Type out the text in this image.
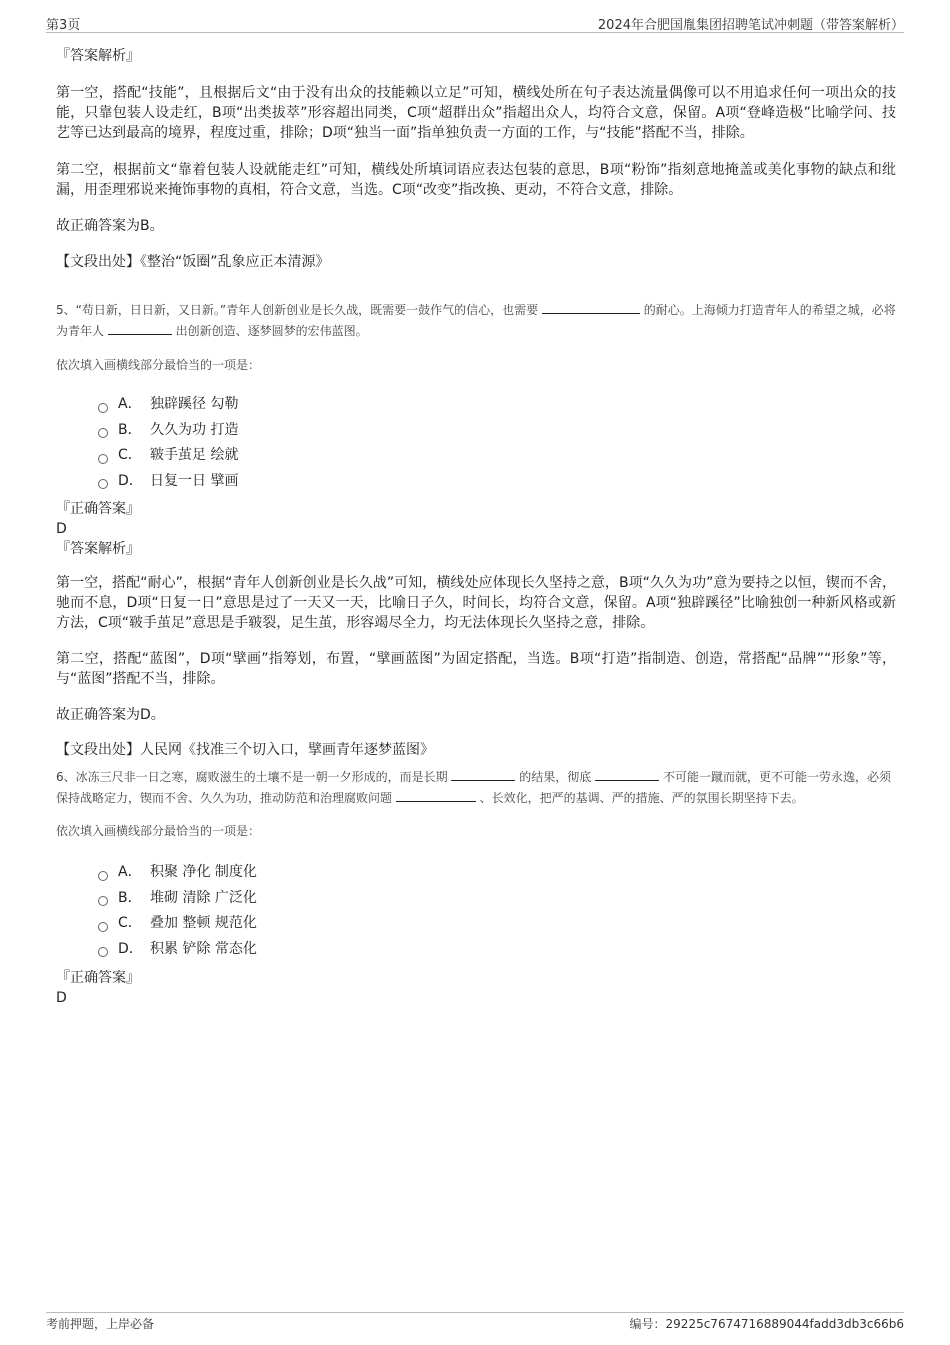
第3页	2024年合肥国胤集团招聘笔试冲刺题（带答案解析）

『答案解析』

第一空，搭配“技能”，且根据后文“由于没有出众的技能赖以立足”可知，横线处所在句子表达流量偶像可以不用追求任何一项出众的技能，只靠包装人设走红，B项“出类拔萃”形容超出同类，C项“超群出众”指超出众人，均符合文意，保留。A项“登峰造极”比喻学问、技艺等已达到最高的境界，程度过重，排除；D项“独当一面”指单独负责一方面的工作，与“技能”搭配不当，排除。

第二空，根据前文“靠着包装人设就能走红”可知，横线处所填词语应表达包装的意思，B项“粉饰”指刻意地掩盖或美化事物的缺点和纰漏，用歪理邪说来掩饰事物的真相，符合文意，当选。C项“改变”指改换、更动，不符合文意，排除。

故正确答案为B。

【文段出处】《整治“饭圈”乱象应正本清源》

5、“苟日新，日日新，又日新。”青年人创新创业是长久战，既需要一鼓作气的信心，也需要	的耐心。上海倾力打造青年人的希望之城，必将为青年人	出创新创造、逐梦圆梦的宏伟蓝图。

依次填入画横线部分最恰当的一项是：

A． 独辟蹊径 勾勒
B． 久久为功 打造
C． 皲手茧足 绘就
D． 日复一日 擘画

『正确答案』

D

『答案解析』

第一空，搭配“耐心”，根据“青年人创新创业是长久战”可知，横线处应体现长久坚持之意，B项“久久为功”意为要持之以恒，锲而不舍，驰而不息，D项“日复一日”意思是过了一天又一天，比喻日子久，时间长，均符合文意，保留。A项“独辟蹊径”比喻独创一种新风格或新方法，C项“皲手茧足”意思是手皲裂，足生茧，形容竭尽全力，均无法体现长久坚持之意，排除。

第二空，搭配“蓝图”，D项“擘画”指筹划，布置，“擘画蓝图”为固定搭配，当选。B项“打造”指制造、创造，常搭配“品牌”“形象”等，与“蓝图”搭配不当，排除。

故正确答案为D。

【文段出处】人民网《找准三个切入口，擘画青年逐梦蓝图》

6、冰冻三尺非一日之寒，腐败滋生的土壤不是一朝一夕形成的，而是长期	的结果，彻底	不可能一蹴而就，更不可能一劳永逸，必须保持战略定力，锲而不舍、久久为功，推动防范和治理腐败问题	、长效化，把严的基调、严的措施、严的氛围长期坚持下去。

依次填入画横线部分最恰当的一项是：

A． 积聚 净化 制度化
B． 堆砌 清除 广泛化
C． 叠加 整顿 规范化
D． 积累 铲除 常态化

『正确答案』

D

考前押题，上岸必备	编号：29225c7674716889044fadd3db3c66b6
